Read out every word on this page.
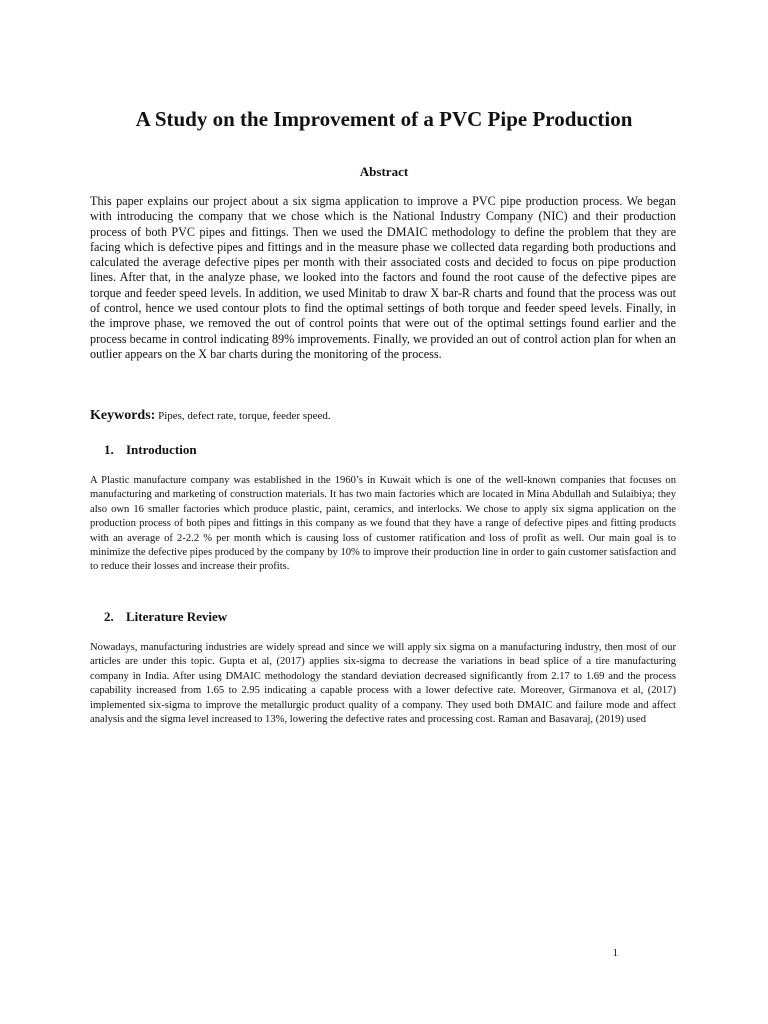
A Study on the Improvement of a PVC Pipe Production
Abstract

This paper explains our project about a six sigma application to improve a PVC pipe production process. We began with introducing the company that we chose which is the National Industry Company (NIC) and their production process of both PVC pipes and fittings. Then we used the DMAIC methodology to define the problem that they are facing which is defective pipes and fittings and in the measure phase we collected data regarding both productions and calculated the average defective pipes per month with their associated costs and decided to focus on pipe production lines. After that, in the analyze phase, we looked into the factors and found the root cause of the defective pipes are torque and feeder speed levels. In addition, we used Minitab to draw X bar-R charts and found that the process was out of control, hence we used contour plots to find the optimal settings of both torque and feeder speed levels. Finally, in the improve phase, we removed the out of control points that were out of the optimal settings found earlier and the process became in control indicating 89% improvements. Finally, we provided an out of control action plan for when an outlier appears on the X bar charts during the monitoring of the process.

Keywords: Pipes, defect rate, torque, feeder speed.

1. Introduction

A Plastic manufacture company was established in the 1960’s in Kuwait which is one of the well-known companies that focuses on manufacturing and marketing of construction materials. It has two main factories which are located in Mina Abdullah and Sulaibiya; they also own 16 smaller factories which produce plastic, paint, ceramics, and interlocks. We chose to apply six sigma application on the production process of both pipes and fittings in this company as we found that they have a range of defective pipes and fitting products with an average of 2-2.2 % per month which is causing loss of customer ratification and loss of profit as well. Our main goal is to minimize the defective pipes produced by the company by 10% to improve their production line in order to gain customer satisfaction and to reduce their losses and increase their profits.

2. Literature Review

Nowadays, manufacturing industries are widely spread and since we will apply six sigma on a manufacturing industry, then most of our articles are under this topic. Gupta et al, (2017) applies six-sigma to decrease the variations in bead splice of a tire manufacturing company in India. After using DMAIC methodology the standard deviation decreased significantly from 2.17 to 1.69 and the process capability increased from 1.65 to 2.95 indicating a capable process with a lower defective rate. Moreover, Girmanova et al, (2017) implemented six-sigma to improve the metallurgic product quality of a company. They used both DMAIC and failure mode and affect analysis and the sigma level increased to 13%, lowering the defective rates and processing cost. Raman and Basavaraj, (2019) used

1
